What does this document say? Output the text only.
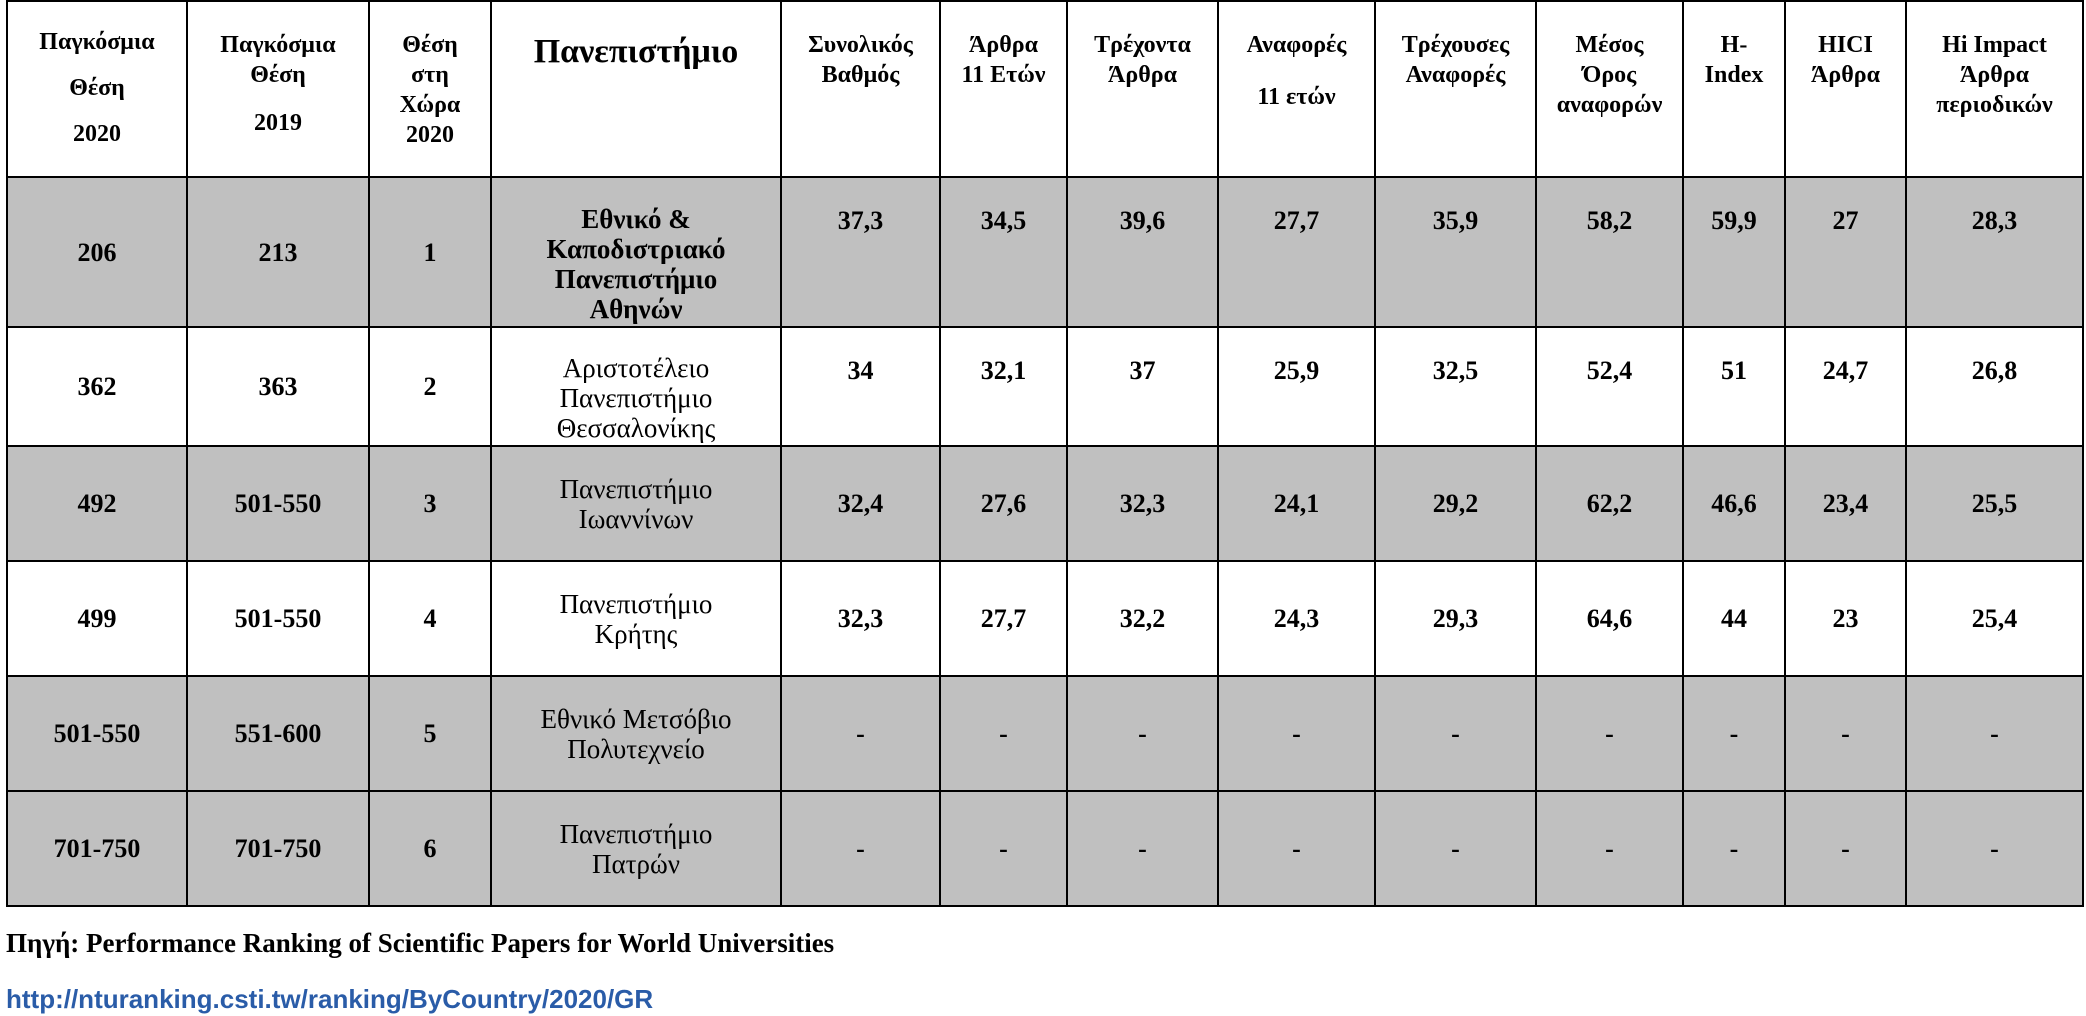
Παγκόσμια
Θέση
2020	Παγκόσμια
Θέση
2019	Θέση
στη
Χώρα
2020	Πανεπιστήμιο	Συνολικός
Βαθμός	Άρθρα
11 Ετών	Τρέχοντα
Άρθρα	Αναφορές
11 ετών	Τρέχουσες
Αναφορές	Μέσος
Όρος
αναφορών	H-
Index	HICI
Άρθρα	Hi Impact
Άρθρα
περιοδικών
206	213	1	Εθνικό &
Καποδιστριακό
Πανεπιστήμιο
Αθηνών	37,3	34,5	39,6	27,7	35,9	58,2	59,9	27	28,3
362	363	2	Αριστοτέλειο
Πανεπιστήμιο
Θεσσαλονίκης	34	32,1	37	25,9	32,5	52,4	51	24,7	26,8
492	501-550	3	Πανεπιστήμιο
Ιωαννίνων	32,4	27,6	32,3	24,1	29,2	62,2	46,6	23,4	25,5
499	501-550	4	Πανεπιστήμιο
Κρήτης	32,3	27,7	32,2	24,3	29,3	64,6	44	23	25,4
501-550	551-600	5	Εθνικό Μετσόβιο
Πολυτεχνείο	-	-	-	-	-	-	-	-	-
701-750	701-750	6	Πανεπιστήμιο
Πατρών	-	-	-	-	-	-	-	-	-
Πηγή: Performance Ranking of Scientific Papers for World Universities
http://nturanking.csti.tw/ranking/ByCountry/2020/GR
